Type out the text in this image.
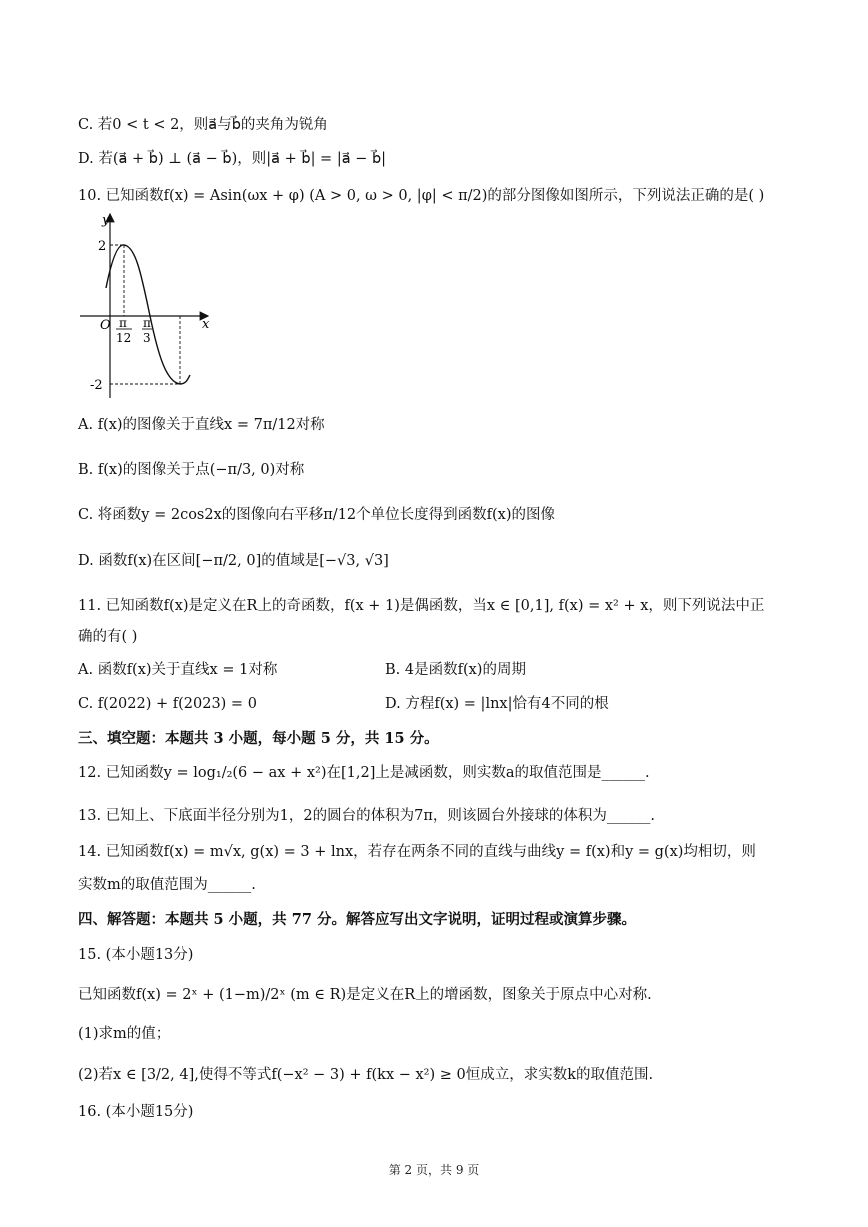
C. 若0 < t < 2，则a⃗与b⃗的夹角为锐角
D. 若(a⃗ + b⃗) ⊥ (a⃗ − b⃗)，则|a⃗ + b⃗| = |a⃗ − b⃗|
10. 已知函数f(x) = Asin(ωx + φ) (A > 0, ω > 0, |φ| < π/2)的部分图像如图所示，下列说法正确的是( )
y
x
O
2
-2
π
12
π
3
A. f(x)的图像关于直线x = 7π/12对称
B. f(x)的图像关于点(−π/3, 0)对称
C. 将函数y = 2cos2x的图像向右平移π/12个单位长度得到函数f(x)的图像
D. 函数f(x)在区间[−π/2, 0]的值域是[−√3, √3]
11. 已知函数f(x)是定义在R上的奇函数，f(x + 1)是偶函数，当x ∈ [0,1], f(x) = x² + x，则下列说法中正
确的有( )
A. 函数f(x)关于直线x = 1对称	B. 4是函数f(x)的周期
C. f(2022) + f(2023) = 0	D. 方程f(x) = |lnx|恰有4不同的根
三、填空题：本题共 3 小题，每小题 5 分，共 15 分。
12. 已知函数y = log₁/₂(6 − ax + x²)在[1,2]上是减函数，则实数a的取值范围是______.
13. 已知上、下底面半径分别为1，2的圆台的体积为7π，则该圆台外接球的体积为______.
14. 已知函数f(x) = m√x, g(x) = 3 + lnx，若存在两条不同的直线与曲线y = f(x)和y = g(x)均相切，则
实数m的取值范围为______.
四、解答题：本题共 5 小题，共 77 分。解答应写出文字说明，证明过程或演算步骤。
15. (本小题13分)
已知函数f(x) = 2ˣ + (1−m)/2ˣ (m ∈ R)是定义在R上的增函数，图象关于原点中心对称.
(1)求m的值；
(2)若x ∈ [3/2, 4],使得不等式f(−x² − 3) + f(kx − x²) ≥ 0恒成立，求实数k的取值范围.
16. (本小题15分)
第 2 页，共 9 页
